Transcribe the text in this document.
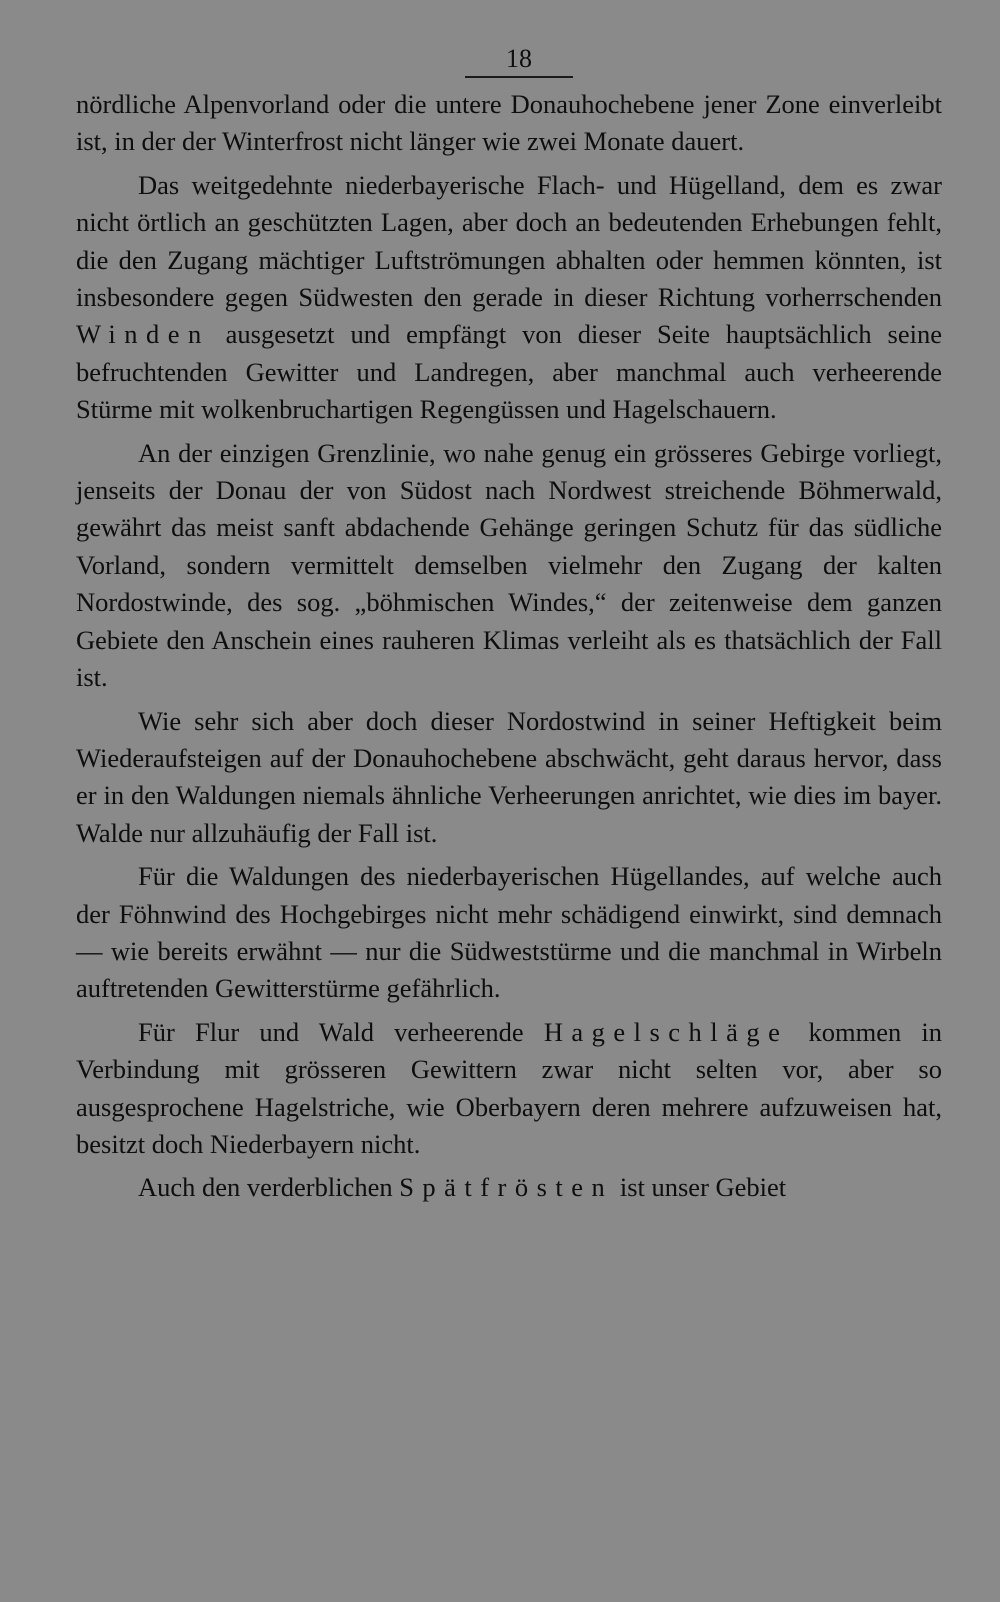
18

nördliche Alpenvorland oder die untere Donauhochebene jener Zone einverleibt ist, in der der Winterfrost nicht länger wie zwei Monate dauert.

Das weitgedehnte niederbayerische Flach- und Hügelland, dem es zwar nicht örtlich an geschützten Lagen, aber doch an bedeutenden Erhebungen fehlt, die den Zugang mächtiger Luftströmungen abhalten oder hemmen könnten, ist insbesondere gegen Südwesten den gerade in dieser Richtung vorherrschenden Winden ausgesetzt und empfängt von dieser Seite hauptsächlich seine befruchtenden Gewitter und Landregen, aber manchmal auch verheerende Stürme mit wolkenbruchartigen Regengüssen und Hagelschauern.

An der einzigen Grenzlinie, wo nahe genug ein grösseres Gebirge vorliegt, jenseits der Donau der von Südost nach Nordwest streichende Böhmerwald, gewährt das meist sanft abdachende Gehänge geringen Schutz für das südliche Vorland, sondern vermittelt demselben vielmehr den Zugang der kalten Nordostwinde, des sog. „böhmischen Windes,“ der zeitenweise dem ganzen Gebiete den Anschein eines rauheren Klimas verleiht als es thatsächlich der Fall ist.

Wie sehr sich aber doch dieser Nordostwind in seiner Heftigkeit beim Wiederaufsteigen auf der Donauhochebene abschwächt, geht daraus hervor, dass er in den Waldungen niemals ähnliche Verheerungen anrichtet, wie dies im bayer. Walde nur allzuhäufig der Fall ist.

Für die Waldungen des niederbayerischen Hügellandes, auf welche auch der Föhnwind des Hochgebirges nicht mehr schädigend einwirkt, sind demnach — wie bereits erwähnt — nur die Südweststürme und die manchmal in Wirbeln auftretenden Gewitterstürme gefährlich.

Für Flur und Wald verheerende Hagelschläge kommen in Verbindung mit grösseren Gewittern zwar nicht selten vor, aber so ausgesprochene Hagelstriche, wie Oberbayern deren mehrere aufzuweisen hat, besitzt doch Niederbayern nicht.

Auch den verderblichen Spätfrösten ist unser Gebiet
